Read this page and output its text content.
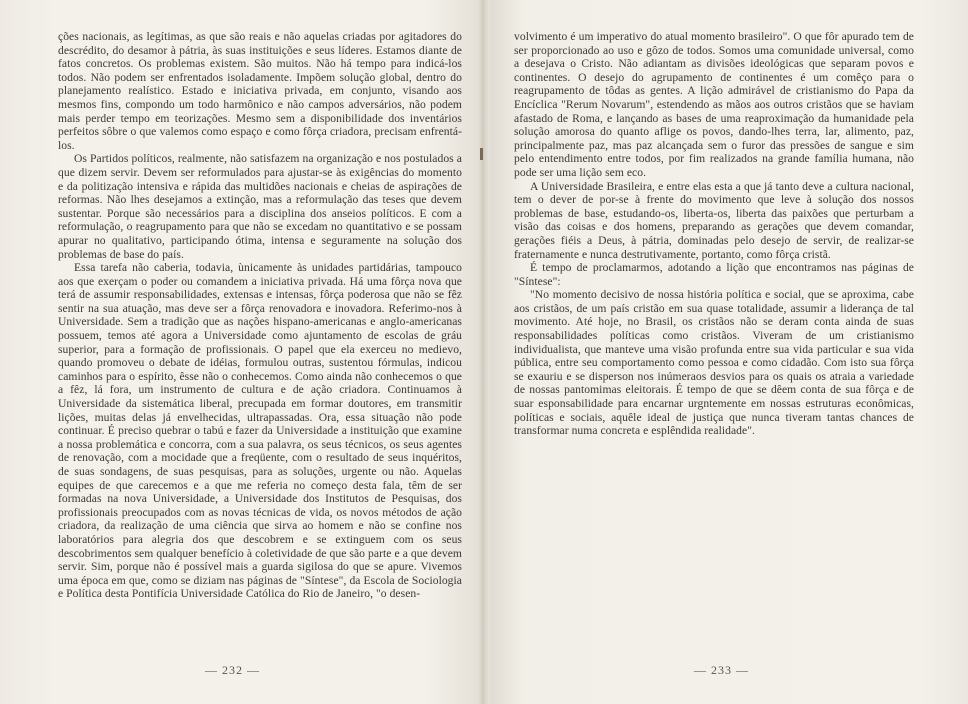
ções nacionais, as legítimas, as que são reais e não aquelas criadas por agitadores do descrédito, do desamor à pátria, às suas instituições e seus líderes. Estamos diante de fatos concretos. Os problemas existem. São muitos. Não há tempo para indicá-los todos. Não podem ser enfrentados isoladamente. Impõem solução global, dentro do planejamento realístico. Estado e iniciativa privada, em conjunto, visando aos mesmos fins, compondo um todo harmônico e não campos adversários, não podem mais perder tempo em teorizações. Mesmo sem a disponibilidade dos inventários perfeitos sôbre o que valemos como espaço e como fôrça criadora, precisam enfrentá-los.

Os Partidos políticos, realmente, não satisfazem na organização e nos postulados a que dizem servir. Devem ser reformulados para ajustar-se às exigências do momento e da politização intensiva e rápida das multidões nacionais e cheias de aspirações de reformas. Não lhes desejamos a extinção, mas a reformulação das teses que devem sustentar. Porque são necessários para a disciplina dos anseios políticos. E com a reformulação, o reagrupamento para que não se excedam no quantitativo e se possam apurar no qualitativo, participando ótima, intensa e seguramente na solução dos problemas de base do país.

Essa tarefa não caberia, todavia, ùnicamente às unidades partidárias, tampouco aos que exerçam o poder ou comandem a iniciativa privada. Há uma fôrça nova que terá de assumir responsabilidades, extensas e intensas, fôrça poderosa que não se fêz sentir na sua atuação, mas deve ser a fôrça renovadora e inovadora. Referimo-nos à Universidade. Sem a tradição que as nações hispano-americanas e anglo-americanas possuem, temos até agora a Universidade como ajuntamento de escolas de gráu superior, para a formação de profissionais. O papel que ela exerceu no medievo, quando promoveu o debate de idéias, formulou outras, sustentou fórmulas, indicou caminhos para o espírito, êsse não o conhecemos. Como ainda não conhecemos o que a fêz, lá fora, um instrumento de cultura e de ação criadora. Continuamos à Universidade da sistemática liberal, precupada em formar doutores, em transmitir lições, muitas delas já envelhecidas, ultrapassadas. Ora, essa situação não pode continuar. É preciso quebrar o tabú e fazer da Universidade a instituição que examine a nossa problemática e concorra, com a sua palavra, os seus técnicos, os seus agentes de renovação, com a mocidade que a freqüente, com o resultado de seus inquéritos, de suas sondagens, de suas pesquisas, para as soluções, urgente ou não. Aquelas equipes de que carecemos e a que me referia no começo desta fala, têm de ser formadas na nova Universidade, a Universidade dos Institutos de Pesquisas, dos profissionais preocupados com as novas técnicas de vida, os novos métodos de ação criadora, da realização de uma ciência que sirva ao homem e não se confine nos laboratórios para alegria dos que descobrem e se extinguem com os seus descobrimentos sem qualquer benefício à coletividade de que são parte e a que devem servir. Sim, porque não é possível mais a guarda sigilosa do que se apure. Vivemos uma época em que, como se diziam nas páginas de "Síntese", da Escola de Sociologia e Política desta Pontifícia Universidade Católica do Rio de Janeiro, "o desen-

— 232 —

volvimento é um imperativo do atual momento brasileiro". O que fôr apurado tem de ser proporcionado ao uso e gôzo de todos. Somos uma comunidade universal, como a desejava o Cristo. Não adiantam as divisões ideológicas que separam povos e continentes. O desejo do agrupamento de continentes é um comêço para o reagrupamento de tôdas as gentes. A lição admirável de cristianismo do Papa da Encíclica "Rerum Novarum", estendendo as mãos aos outros cristãos que se haviam afastado de Roma, e lançando as bases de uma reaproximação da humanidade pela solução amorosa do quanto aflige os povos, dando-lhes terra, lar, alimento, paz, principalmente paz, mas paz alcançada sem o furor das pressões de sangue e sim pelo entendimento entre todos, por fim realizados na grande família humana, não pode ser uma lição sem eco.

A Universidade Brasileira, e entre elas esta a que já tanto deve a cultura nacional, tem o dever de por-se à frente do movimento que leve à solução dos nossos problemas de base, estudando-os, liberta-os, liberta das paixões que perturbam a visão das coisas e dos homens, preparando as gerações que devem comandar, gerações fiéis a Deus, à pátria, dominadas pelo desejo de servir, de realizar-se fraternamente e nunca destrutivamente, portanto, como fôrça cristã.

É tempo de proclamarmos, adotando a lição que encontramos nas páginas de "Síntese":

"No momento decisivo de nossa história política e social, que se aproxima, cabe aos cristãos, de um país cristão em sua quase totalidade, assumir a liderança de tal movimento. Até hoje, no Brasil, os cristãos não se deram conta ainda de suas responsabilidades políticas como cristãos. Viveram de um cristianismo individualista, que manteve uma visão profunda entre sua vida particular e sua vida pública, entre seu comportamento como pessoa e como cidadão. Com isto sua fôrça se exauriu e se disperson nos inúmeraos desvios para os quais os atraia a variedade de nossas pantomimas eleitorais. É tempo de que se dêem conta de sua fôrça e de suar esponsabilidade para encarnar urgntemente em nossas estruturas econômicas, políticas e sociais, aquêle ideal de justiça que nunca tiveram tantas chances de transformar numa concreta e esplêndida realidade".

— 233 —
